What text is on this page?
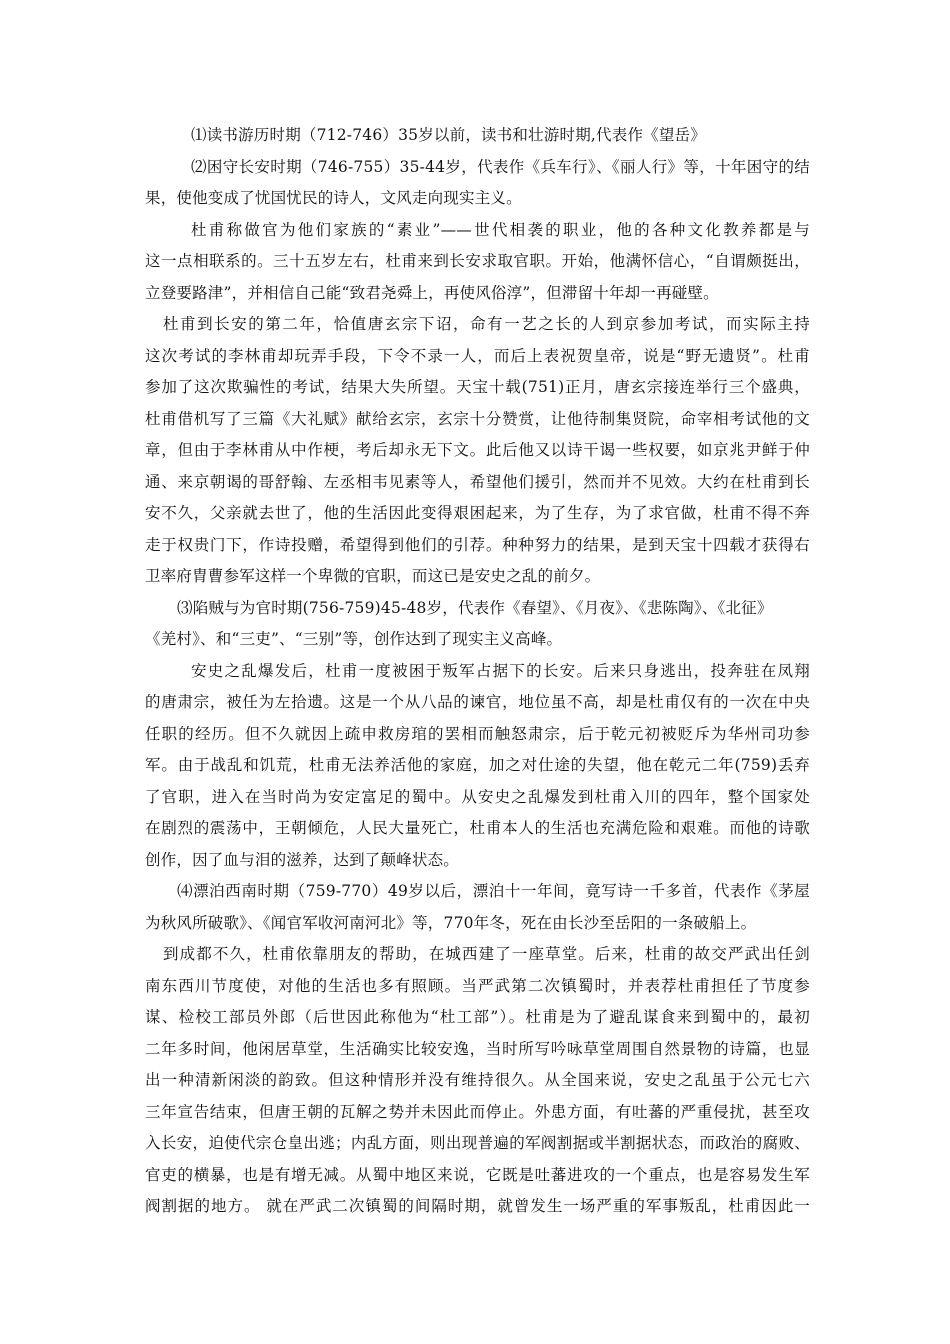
⑴读书游历时期（712-746）35岁以前，读书和壮游时期,代表作《望岳》
⑵困守长安时期（746-755）35-44岁，代表作《兵车行》、《丽人行》等，十年困守的结
果，使他变成了忧国忧民的诗人，文风走向现实主义。
杜甫称做官为他们家族的“素业”——世代相袭的职业，他的各种文化教养都是与
这一点相联系的。三十五岁左右，杜甫来到长安求取官职。开始，他满怀信心，“自谓颇挺出，
立登要路津”，并相信自己能“致君尧舜上，再使风俗淳”，但滞留十年却一再碰壁。
杜甫到长安的第二年，恰值唐玄宗下诏，命有一艺之长的人到京参加考试，而实际主持
这次考试的李林甫却玩弄手段，下令不录一人，而后上表祝贺皇帝，说是“野无遗贤”。杜甫
参加了这次欺骗性的考试，结果大失所望。天宝十载(751)正月，唐玄宗接连举行三个盛典，
杜甫借机写了三篇《大礼赋》献给玄宗，玄宗十分赞赏，让他待制集贤院，命宰相考试他的文
章，但由于李林甫从中作梗，考后却永无下文。此后他又以诗干谒一些权要，如京兆尹鲜于仲
通、来京朝谒的哥舒翰、左丞相韦见素等人，希望他们援引，然而并不见效。大约在杜甫到长
安不久，父亲就去世了，他的生活因此变得艰困起来，为了生存，为了求官做，杜甫不得不奔
走于权贵门下，作诗投赠，希望得到他们的引荐。种种努力的结果，是到天宝十四载才获得右
卫率府胄曹参军这样一个卑微的官职，而这已是安史之乱的前夕。
⑶陷贼与为官时期(756-759)45-48岁，代表作《春望》、《月夜》、《悲陈陶》、《北征》
《羌村》、和“三吏”、“三别”等，创作达到了现实主义高峰。
安史之乱爆发后，杜甫一度被困于叛军占据下的长安。后来只身逃出，投奔驻在凤翔
的唐肃宗，被任为左拾遗。这是一个从八品的谏官，地位虽不高，却是杜甫仅有的一次在中央
任职的经历。但不久就因上疏申救房琯的罢相而触怒肃宗，后于乾元初被贬斥为华州司功参
军。由于战乱和饥荒，杜甫无法养活他的家庭，加之对仕途的失望，他在乾元二年(759)丢弃
了官职，进入在当时尚为安定富足的蜀中。从安史之乱爆发到杜甫入川的四年，整个国家处
在剧烈的震荡中，王朝倾危，人民大量死亡，杜甫本人的生活也充满危险和艰难。而他的诗歌
创作，因了血与泪的滋养，达到了颠峰状态。
⑷漂泊西南时期（759-770）49岁以后，漂泊十一年间，竟写诗一千多首，代表作《茅屋
为秋风所破歌》、《闻官军收河南河北》等，770年冬，死在由长沙至岳阳的一条破船上。
到成都不久，杜甫依靠朋友的帮助，在城西建了一座草堂。后来，杜甫的故交严武出任剑
南东西川节度使，对他的生活也多有照顾。当严武第二次镇蜀时，并表荐杜甫担任了节度参
谋、检校工部员外郎（后世因此称他为“杜工部”）。杜甫是为了避乱谋食来到蜀中的，最初
二年多时间，他闲居草堂，生活确实比较安逸，当时所写吟咏草堂周围自然景物的诗篇，也显
出一种清新闲淡的韵致。但这种情形并没有维持很久。从全国来说，安史之乱虽于公元七六
三年宣告结束，但唐王朝的瓦解之势并未因此而停止。外患方面，有吐蕃的严重侵扰，甚至攻
入长安，迫使代宗仓皇出逃；内乱方面，则出现普遍的军阀割据或半割据状态，而政治的腐败、
官吏的横暴，也是有增无减。从蜀中地区来说，它既是吐蕃进攻的一个重点，也是容易发生军
阀割据的地方。 就在严武二次镇蜀的间隔时期，就曾发生一场严重的军事叛乱，杜甫因此一
